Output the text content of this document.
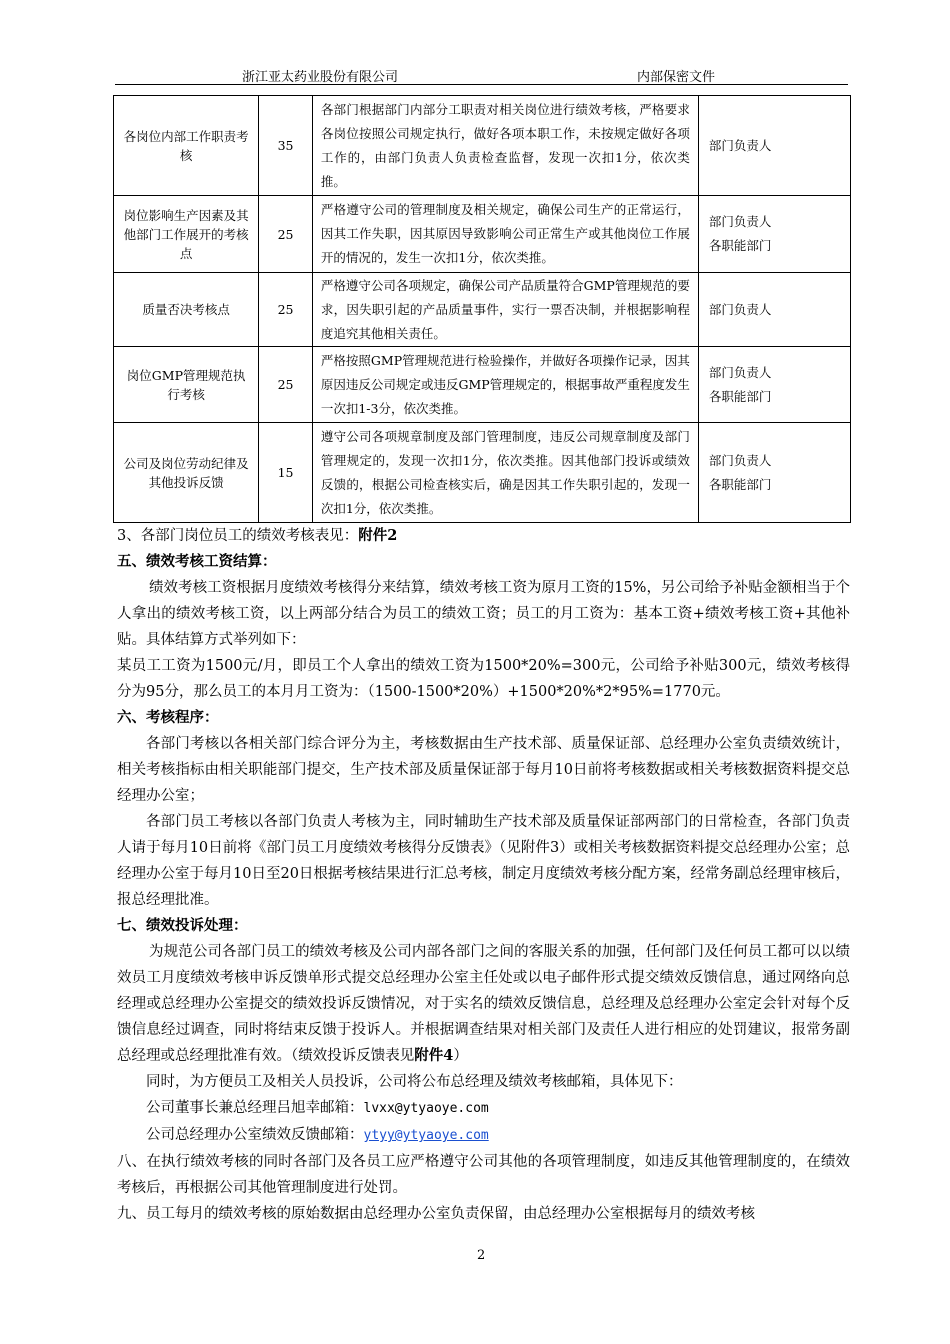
浙江亚太药业股份有限公司	内部保密文件
各岗位内部工作职责考核	35	各部门根据部门内部分工职责对相关岗位进行绩效考核，严格要求各岗位按照公司规定执行，做好各项本职工作，未按规定做好各项工作的，由部门负责人负责检查监督，发现一次扣1分，依次类推。	部门负责人

岗位影响生产因素及其他部门工作展开的考核点	25	严格遵守公司的管理制度及相关规定，确保公司生产的正常运行，因其工作失职，因其原因导致影响公司正常生产或其他岗位工作展开的情况的，发生一次扣1分，依次类推。	部门负责人
各职能部门

质量否决考核点	25	严格遵守公司各项规定，确保公司产品质量符合GMP管理规范的要求，因失职引起的产品质量事件，实行一票否决制，并根据影响程度追究其他相关责任。	部门负责人

岗位GMP管理规范执行考核	25	严格按照GMP管理规范进行检验操作，并做好各项操作记录，因其原因违反公司规定或违反GMP管理规定的，根据事故严重程度发生一次扣1-3分，依次类推。	部门负责人
各职能部门

公司及岗位劳动纪律及其他投诉反馈	15	遵守公司各项规章制度及部门管理制度，违反公司规章制度及部门管理规定的，发现一次扣1分，依次类推。因其他部门投诉或绩效反馈的，根据公司检查核实后，确是因其工作失职引起的，发现一次扣1分，依次类推。	部门负责人
各职能部门

3、各部门岗位员工的绩效考核表见：附件2

五、绩效考核工资结算：

绩效考核工资根据月度绩效考核得分来结算，绩效考核工资为原月工资的15%，另公司给予补贴金额相当于个人拿出的绩效考核工资，以上两部分结合为员工的绩效工资；员工的月工资为：基本工资+绩效考核工资+其他补贴。具体结算方式举列如下：

某员工工资为1500元/月，即员工个人拿出的绩效工资为1500*20%=300元，公司给予补贴300元，绩效考核得分为95分，那么员工的本月月工资为：（1500-1500*20%）+1500*20%*2*95%=1770元。

六、考核程序：

各部门考核以各相关部门综合评分为主，考核数据由生产技术部、质量保证部、总经理办公室负责绩效统计，相关考核指标由相关职能部门提交，生产技术部及质量保证部于每月10日前将考核数据或相关考核数据资料提交总经理办公室；

各部门员工考核以各部门负责人考核为主，同时辅助生产技术部及质量保证部两部门的日常检查，各部门负责人请于每月10日前将《部门员工月度绩效考核得分反馈表》（见附件3）或相关考核数据资料提交总经理办公室；总经理办公室于每月10日至20日根据考核结果进行汇总考核，制定月度绩效考核分配方案，经常务副总经理审核后，报总经理批准。

七、绩效投诉处理：

为规范公司各部门员工的绩效考核及公司内部各部门之间的客服关系的加强，任何部门及任何员工都可以以绩效员工月度绩效考核申诉反馈单形式提交总经理办公室主任处或以电子邮件形式提交绩效反馈信息，通过网络向总经理或总经理办公室提交的绩效投诉反馈情况，对于实名的绩效反馈信息，总经理及总经理办公室定会针对每个反馈信息经过调查，同时将结束反馈于投诉人。并根据调查结果对相关部门及责任人进行相应的处罚建议，报常务副总经理或总经理批准有效。（绩效投诉反馈表见附件4）

同时，为方便员工及相关人员投诉，公司将公布总经理及绩效考核邮箱，具体见下：

公司董事长兼总经理吕旭幸邮箱：lvxx@ytyaoye.com

公司总经理办公室绩效反馈邮箱：ytyy@ytyaoye.com

八、在执行绩效考核的同时各部门及各员工应严格遵守公司其他的各项管理制度，如违反其他管理制度的，在绩效考核后，再根据公司其他管理制度进行处罚。

九、员工每月的绩效考核的原始数据由总经理办公室负责保留，由总经理办公室根据每月的绩效考核

2
